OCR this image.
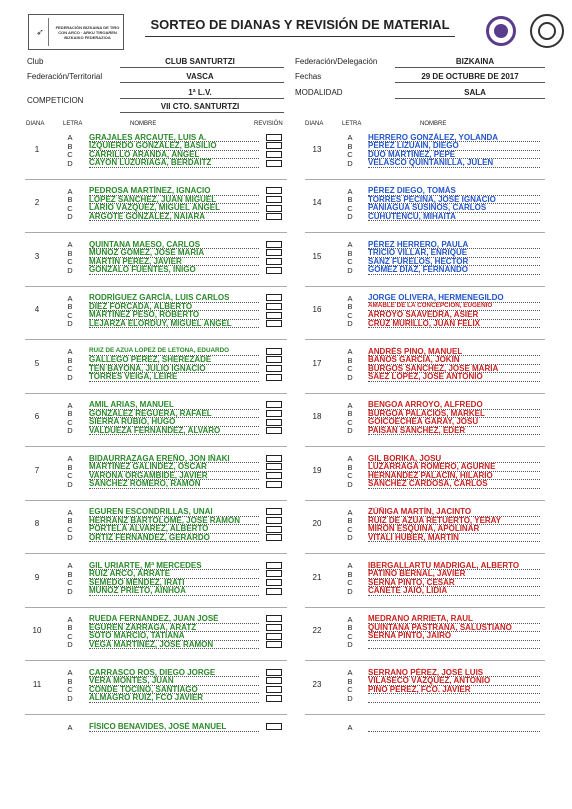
➶	FEDERACIÓN BIZKAINA DE TIRO CON ARCO · ARKU TIROAREN BIZKAIKO FEDERAZIOA
SORTEO DE DIANAS Y REVISIÓN DE MATERIAL
Club	CLUB SANTURTZI
Federación/Territorial	VASCA
COMPETICION
1ª L.V.
VII CTO. SANTURTZI
Federación/Delegación	BIZKAINA
Fechas	29 DE OCTUBRE DE 2017
MODALIDAD	SALA
DIANA	LETRA	NOMBRE	REVISIÓN	DIANA	LETRA	NOMBRE
1
A	GRAJALES ARCAUTE, LUIS A.
B	IZQUIERDO GONZÁLEZ, BASILIO
C CARRILLO ARANDA, ÁNGEL
D CAYÓN LUZURIAGA, BERDAITZ
2
A	PEDROSA MARTÍNEZ, IGNACIO
B	LÓPEZ SÁNCHEZ, JUAN MIGUEL
C LARIO VÁZQUEZ, MIGUEL ÁNGEL
D ARGOTE GONZÁLEZ, NAIARA
3
A	QUINTANA MAESO, CARLOS
B	MUÑOZ GÓMEZ, JOSÉ MARÍA
C MARTÍN PÉREZ, JAVIER
D GONZALO FUENTES, IÑIGO
4
A	RODRÍGUEZ GARCÍA, LUIS CARLOS
B	DIEZ FORCADA, ALBERTO
C MARTÍNEZ PESO, ROBERTO
D LEJARZA ELORDUY, MIGUEL ÁNGEL
5
A	RUIZ DE AZUA LÓPEZ DE LETONA, EDUARDO
B	GALLEGO PÉREZ, SHEREZADE
C TEN BAYONA, JULIO IGNACIO
D TORRES VEIGA, LEIRE
6
A	AMIL ARIAS, MANUEL
B	GONZÁLEZ REGUERA, RAFAEL
C SIERRA RUBIO, HUGO
D VALDUEZA FERNÁNDEZ, ÁLVARO
7
A	BIDAURRAZAGA EREÑO, JON IÑAKI
B	MARTÍNEZ GALÍNDEZ, ÓSCAR
C VARONA ORGAMBIDE, JAVIER
D SÁNCHEZ ROMERO, RAMÓN
8
A	EGUREN ESCONDRILLAS, UNAI
B	HERRANZ BARTOLOMÉ, JOSÉ RAMÓN
C PORTELA ÁLVAREZ, ALBERTO
D ORTIZ FERNÁNDEZ, GERARDO
9
A	GIL URIARTE, Mª MERCEDES
B	RUIZ ARCO, ARRATE
C SEMEDO MÉNDEZ, IRATI
D MUÑOZ PRIETO, AINHOA
10
A	RUEDA FERNÁNDEZ, JUAN JOSÉ
B	EGUREN ZARRAGA, ARATZ
C SOTO MARCIO, TATIANA
D VEGA MARTÍNEZ, JOSÉ RAMÓN
11
A	CARRASCO ROS, DIEGO JORGE
B	VERA MONTES, JUAN
C CONDE TOCINO, SANTIAGO
D ALMAGRO RUIZ, FCO JAVIER
13
A	HERRERO GONZÁLEZ, YOLANDA
B	PÉREZ LIZUAIN, DIEGO
C DUO MARTÍNEZ, PEPE
D VELASCO QUINTANILLA, JULEN
14
A	PÉREZ DIEGO, TOMÁS
B	TORRES PECIÑA, JOSÉ IGNACIO
C PANIAGUA SUSINOS, CARLOS
D CUHUTENCU, MIHAITA
15
A	PÉREZ HERRERO, PAULA
B	TRICIO VILLAR, ENRIQUE
C SANZ FURELOS, HÉCTOR
D GÓMEZ DÍAZ, FERNANDO
16
A	JORGE OLIVERA, HERMENEGILDO
B	AMABLE DE LA CONCEPCIÓN, EUGENIO
C ARROYO SAAVEDRA, ASIER
D CRUZ MURILLO, JUAN FÉLIX
17
A	ANDRÉS PINO, MANUEL
B	BAÑOS GARCÍA, JOKIN
C BURGOS SÁNCHEZ, JOSÉ MARÍA
D SAEZ LÓPEZ, JOSÉ ANTONIO
18
A	BENGOA ARROYO, ALFREDO
B	BURGOA PALACIOS, MARKEL
C GOICOECHEA GARAY, JOSU
D PAISÁN SÁNCHEZ, EDER
19
A	GIL BORIKA, JOSU
B	LUZARRAGA ROMERO, AGURNE
C HERNÁNDEZ PALACÍN, HILARIO
D SÁNCHEZ CARDOSA, CARLOS
20
A	ZÚÑIGA MARTÍN, JACINTO
B	RUIZ DE AZÚA RETUERTO, YERAY
C MIRÓN ESQUINA, APOLINAR
D VITALÍ HUBER, MARTÍN
21
A	IBERGALLARTU MADRIGAL, ALBERTO
B	PATIÑO BERNAL, JAVIER
C SERNA PINTO, CÉSAR
D CAÑETE JAIO, LIDIA
22
A	MEDRANO ARRIETA, RAUL
B	QUINTANA PASTRANA, SALUSTIANO
C SERNA PINTO, JAIRO
D
23
A	SERRANO PÉREZ, JOSÉ LUIS
B	VILASECO VÁZQUEZ, ANTONIO
C PINO PÉREZ, FCO. JAVIER
D
A	FÍSICO BENAVIDES, JOSÉ MANUEL	A
